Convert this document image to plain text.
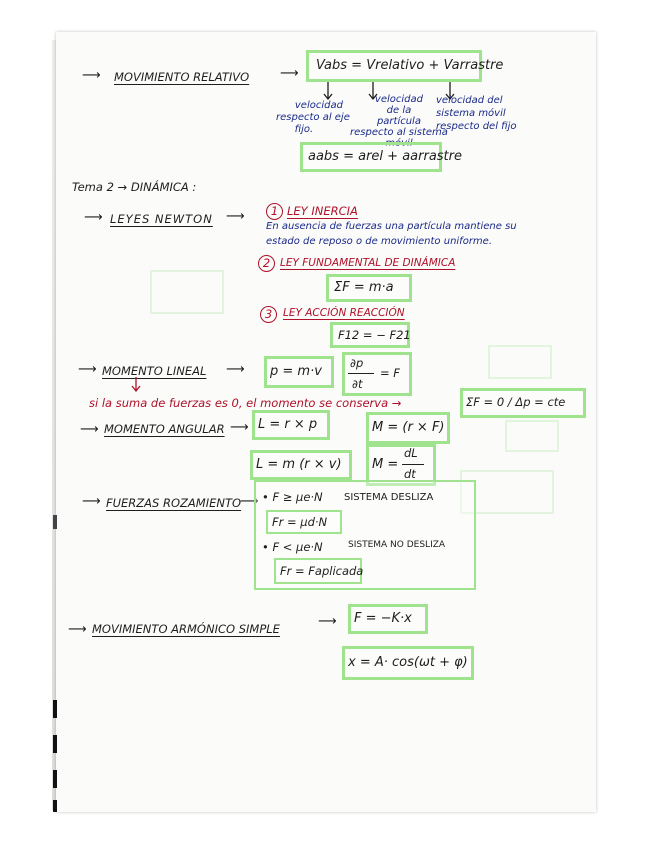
⟶ MOVIMIENTO RELATIVO ⟶
Vabs = Vrelativo + Varrastre
velocidad
respecto al eje
fijo.
velocidad
de la
partícula
respecto al sistema
móvil
velocidad del
sistema móvil
respecto del fijo
aabs = arel + aarrastre
Tema 2 → DINÁMICA :
⟶ LEYES NEWTON ⟶	1 LEY INERCIA
En ausencia de fuerzas una partícula mantiene su
estado de reposo o de movimiento uniforme.
2 LEY FUNDAMENTAL DE DINÁMICA
ΣF = m·a
3	LEY ACCIÓN REACCIÓN
F12 = − F21
⟶ MOMENTO LINEAL ⟶ p = m·v
∂p
∂t
= F
si la suma de fuerzas es 0, el momento se conserva →	ΣF = 0 / Δp = cte
⟶ MOMENTO ANGULAR ⟶ L = r × p	M = (r × F)
L = m (r × v) M =
dL
dt
⟶ FUERZAS ROZAMIENTO
⟶ • F ≥ μe·N SISTEMA DESLIZA
Fr = μd·N
• F < μe·N	SISTEMA NO DESLIZA
Fr = Faplicada
⟶ MOVIMIENTO ARMÓNICO SIMPLE	⟶ F = −K·x
x = A· cos(ωt + φ)
